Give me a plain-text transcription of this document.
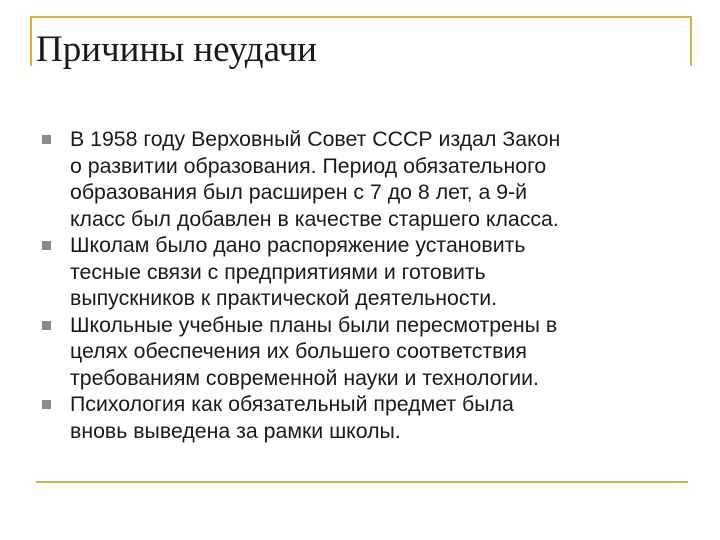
Причины неудачи
В 1958 году Верховный Совет СССР издал Закон
о развитии образования. Период обязательного
образования был расширен с 7 до 8 лет, а 9-й
класс был добавлен в качестве старшего класса.
Школам было дано распоряжение установить
тесные связи с предприятиями и готовить
выпускников к практической деятельности.
Школьные учебные планы были пересмотрены в
целях обеспечения их большего соответствия
требованиям современной науки и технологии.
Психология как обязательный предмет была
вновь выведена за рамки школы.
